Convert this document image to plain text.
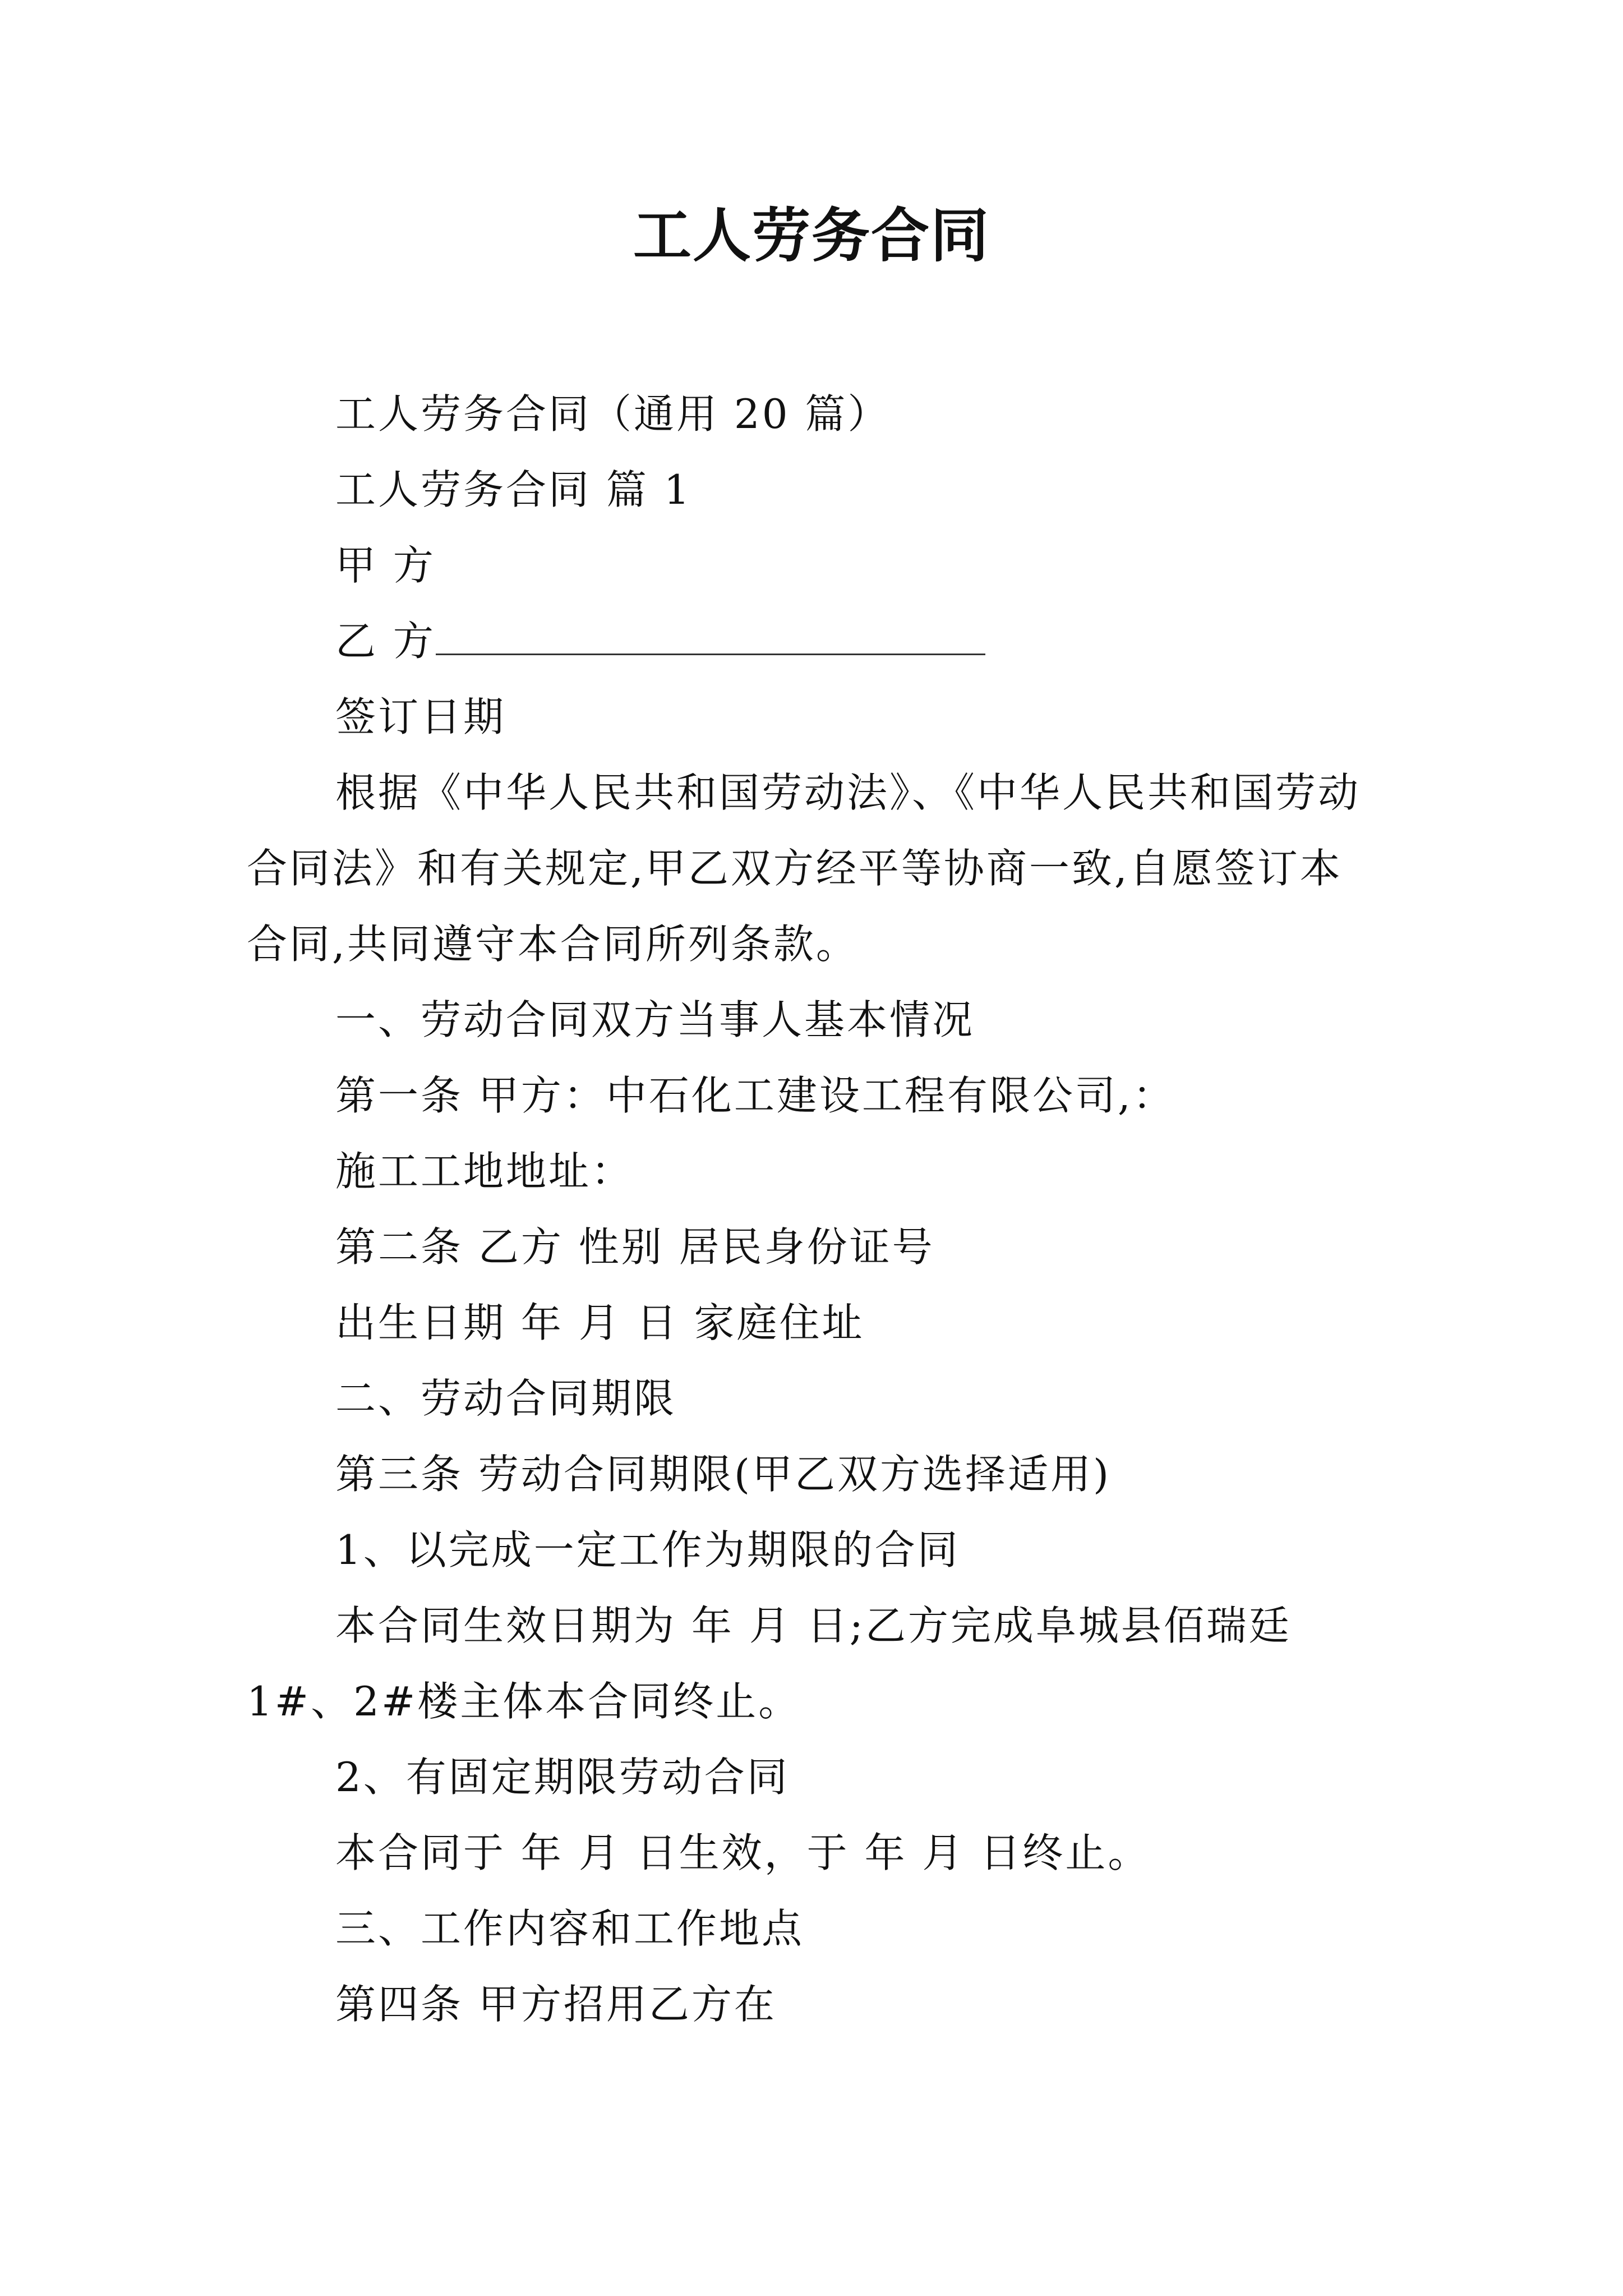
工人劳务合同
工人劳务合同（通用 20 篇）
工人劳务合同 篇 1
甲 方
乙 方
签订日期
根据《中华人民共和国劳动法》、《中华人民共和国劳动
合同法》和有关规定,甲乙双方经平等协商一致,自愿签订本
合同,共同遵守本合同所列条款。
一、劳动合同双方当事人基本情况
第一条 甲方：中石化工建设工程有限公司,：
施工工地地址：
第二条 乙方 性别 居民身份证号
出生日期 年 月 日 家庭住址
二、劳动合同期限
第三条 劳动合同期限(甲乙双方选择适用)
1、以完成一定工作为期限的合同
本合同生效日期为 年 月 日;乙方完成阜城县佰瑞廷
1#、2#楼主体本合同终止。
2、有固定期限劳动合同
本合同于 年 月 日生效，于 年 月 日终止。
三、工作内容和工作地点
第四条 甲方招用乙方在
